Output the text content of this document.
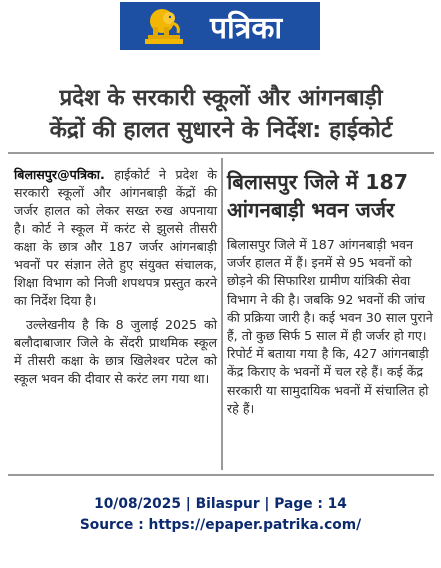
पत्रिका
प्रदेश के सरकारी स्कूलों और आंगनबाड़ी
केंद्रों की हालत सुधारने के निर्देश: हाईकोर्ट

बिलासपुर@पत्रिका. हाईकोर्ट ने प्रदेश के सरकारी स्कूलों और आंगनबाड़ी केंद्रों की जर्जर हालत को लेकर सख्त रुख अपनाया है। कोर्ट ने स्कूल में करंट से झुलसे तीसरी कक्षा के छात्र और 187 जर्जर आंगनबाड़ी भवनों पर संज्ञान लेते हुए संयुक्त संचालक, शिक्षा विभाग को निजी शपथपत्र प्रस्तुत करने का निर्देश दिया है।

उल्लेखनीय है कि 8 जुलाई 2025 को बलौदाबाजार जिले के सेंदरी प्राथमिक स्कूल में तीसरी कक्षा के छात्र खिलेश्वर पटेल को स्कूल भवन की दीवार से करंट लग गया था।

बिलासपुर जिले में 187
आंगनबाड़ी भवन जर्जर
बिलासपुर जिले में 187 आंगनबाड़ी भवन जर्जर हालत में हैं। इनमें से 95 भवनों को छोड़ने की सिफारिश ग्रामीण यांत्रिकी सेवा विभाग ने की है। जबकि 92 भवनों की जांच की प्रक्रिया जारी है। कई भवन 30 साल पुराने हैं, तो कुछ सिर्फ 5 साल में ही जर्जर हो गए। रिपोर्ट में बताया गया है कि, 427 आंगनबाड़ी केंद्र किराए के भवनों में चल रहे हैं। कई केंद्र सरकारी या सामुदायिक भवनों में संचालित हो रहे हैं।
10/08/2025 | Bilaspur | Page : 14
Source : https://epaper.patrika.com/
